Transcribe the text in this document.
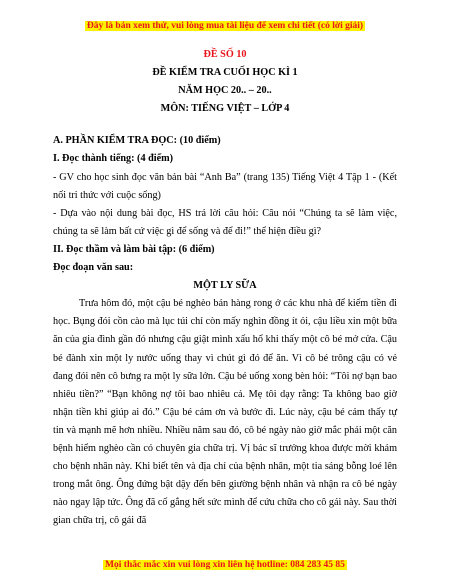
Đây là bản xem thử, vui lòng mua tài liệu để xem chi tiết (có lời giải)

ĐỀ SỐ 10

ĐỀ KIỂM TRA CUỐI HỌC KÌ 1

NĂM HỌC 20.. – 20..

MÔN: TIẾNG VIỆT – LỚP 4

A. PHẦN KIỂM TRA ĐỌC: (10 điểm)

I. Đọc thành tiếng: (4 điểm)

- GV cho học sinh đọc văn bản bài “Anh Ba” (trang 135) Tiếng Việt 4 Tập 1 - (Kết nối tri thức với cuộc sống)

- Dựa vào nội dung bài đọc, HS trả lời câu hỏi: Câu nói “Chúng ta sẽ làm việc, chúng ta sẽ làm bất cứ việc gì để sống và để đi!” thể hiện điều gì?

II. Đọc thầm và làm bài tập: (6 điểm)

Đọc đoạn văn sau:

MỘT LY SỮA

Trưa hôm đó, một cậu bé nghèo bán hàng rong ở các khu nhà để kiếm tiền đi học. Bụng đói cồn cào mà lục túi chỉ còn mấy nghìn đồng ít ỏi, cậu liều xin một bữa ăn của gia đình gần đó nhưng cậu giật mình xấu hổ khi thấy một cô bé mở cửa. Cậu bé đành xin một ly nước uống thay vì chút gì đó để ăn. Vì cô bé trông cậu có vẻ đang đói nên cô bưng ra một ly sữa lớn. Cậu bé uống xong bèn hỏi: “Tôi nợ bạn bao nhiêu tiền?” “Bạn không nợ tôi bao nhiêu cả. Mẹ tôi dạy rằng: Ta không bao giờ nhận tiền khi giúp ai đó.” Cậu bé cảm ơn và bước đi. Lúc này, cậu bé cảm thấy tự tin và mạnh mẽ hơn nhiều. Nhiều năm sau đó, cô bé ngày nào giờ mắc phải một căn bệnh hiểm nghèo cần có chuyên gia chữa trị. Vị bác sĩ trưởng khoa được mời khám cho bệnh nhân này. Khi biết tên và địa chỉ của bệnh nhân, một tia sáng bỗng loé lên trong mắt ông. Ông đứng bật dậy đến bên giường bệnh nhân và nhận ra cô bé ngày nào ngay lập tức. Ông đã cố gắng hết sức mình để cứu chữa cho cô gái này. Sau thời gian chữa trị, cô gái đã

Mọi thắc mắc xin vui lòng xin liên hệ hotline: 084 283 45 85
